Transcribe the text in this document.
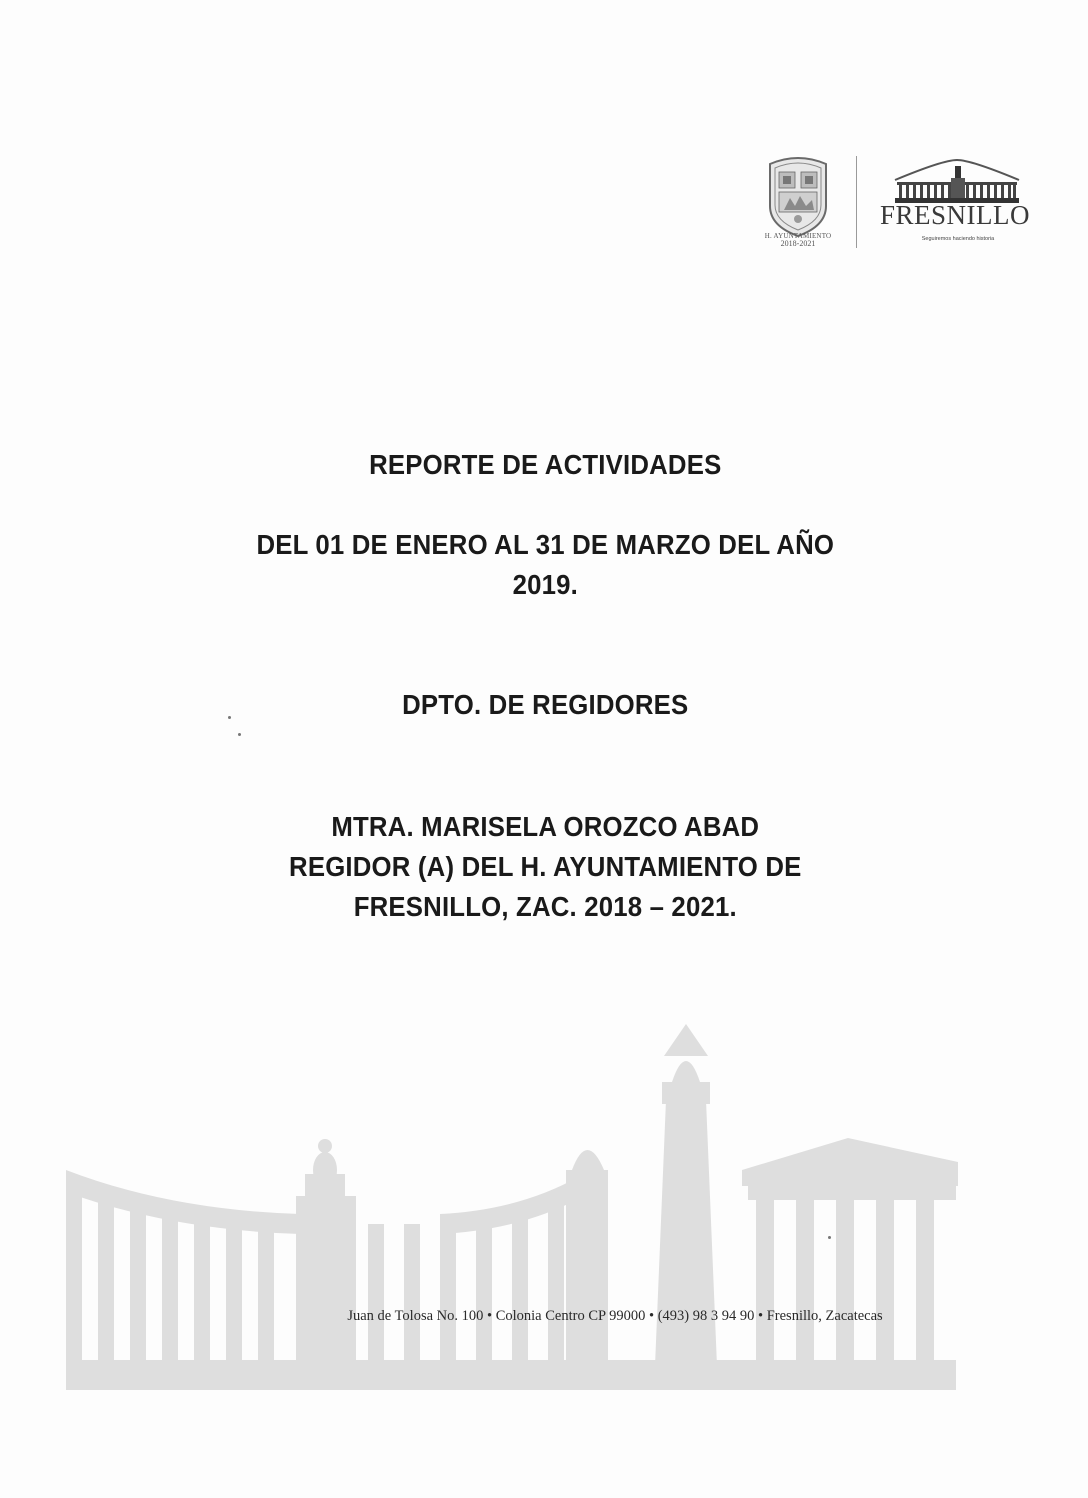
H. AYUNTAMIENTO
2018-2021
FRESNILLO
Seguiremos haciendo historia
REPORTE DE ACTIVIDADES
DEL 01 DE ENERO AL 31 DE MARZO DEL AÑO
2019.
DPTO. DE REGIDORES
MTRA. MARISELA OROZCO ABAD
REGIDOR (A) DEL H. AYUNTAMIENTO DE
FRESNILLO, ZAC. 2018 – 2021.
Juan de Tolosa No. 100 • Colonia Centro CP 99000 • (493) 98 3 94 90 • Fresnillo, Zacatecas
